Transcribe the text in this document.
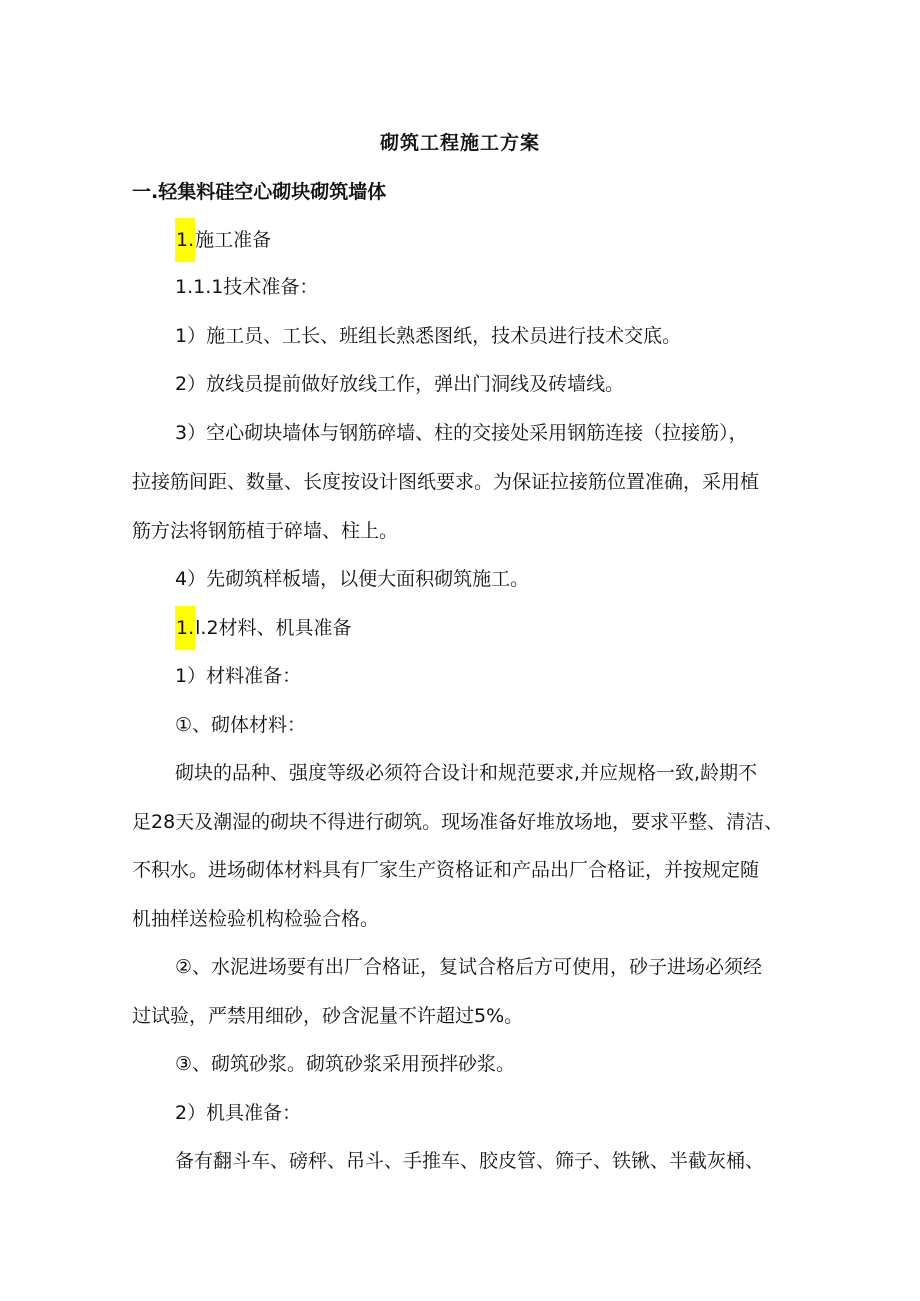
砌筑工程施工方案
一.轻集料硅空心砌块砌筑墙体
1.施工准备
1.1.1技术准备：
1）施工员、工长、班组长熟悉图纸，技术员进行技术交底。
2）放线员提前做好放线工作，弹出门洞线及砖墙线。
3）空心砌块墙体与钢筋碎墙、柱的交接处采用钢筋连接（拉接筋），
拉接筋间距、数量、长度按设计图纸要求。为保证拉接筋位置准确，采用植
筋方法将钢筋植于碎墙、柱上。
4）先砌筑样板墙，以便大面积砌筑施工。
1.l.2材料、机具准备
1）材料准备：
①、砌体材料：
砌块的品种、强度等级必须符合设计和规范要求,并应规格一致,龄期不
足28天及潮湿的砌块不得进行砌筑。现场准备好堆放场地，要求平整、清洁、
不积水。进场砌体材料具有厂家生产资格证和产品出厂合格证，并按规定随
机抽样送检验机构检验合格。
②、水泥进场要有出厂合格证，复试合格后方可使用，砂子进场必须经
过试验，严禁用细砂，砂含泥量不许超过5%。
③、砌筑砂浆。砌筑砂浆采用预拌砂浆。
2）机具准备：
备有翻斗车、磅秤、吊斗、手推车、胶皮管、筛子、铁锹、半截灰桶、
